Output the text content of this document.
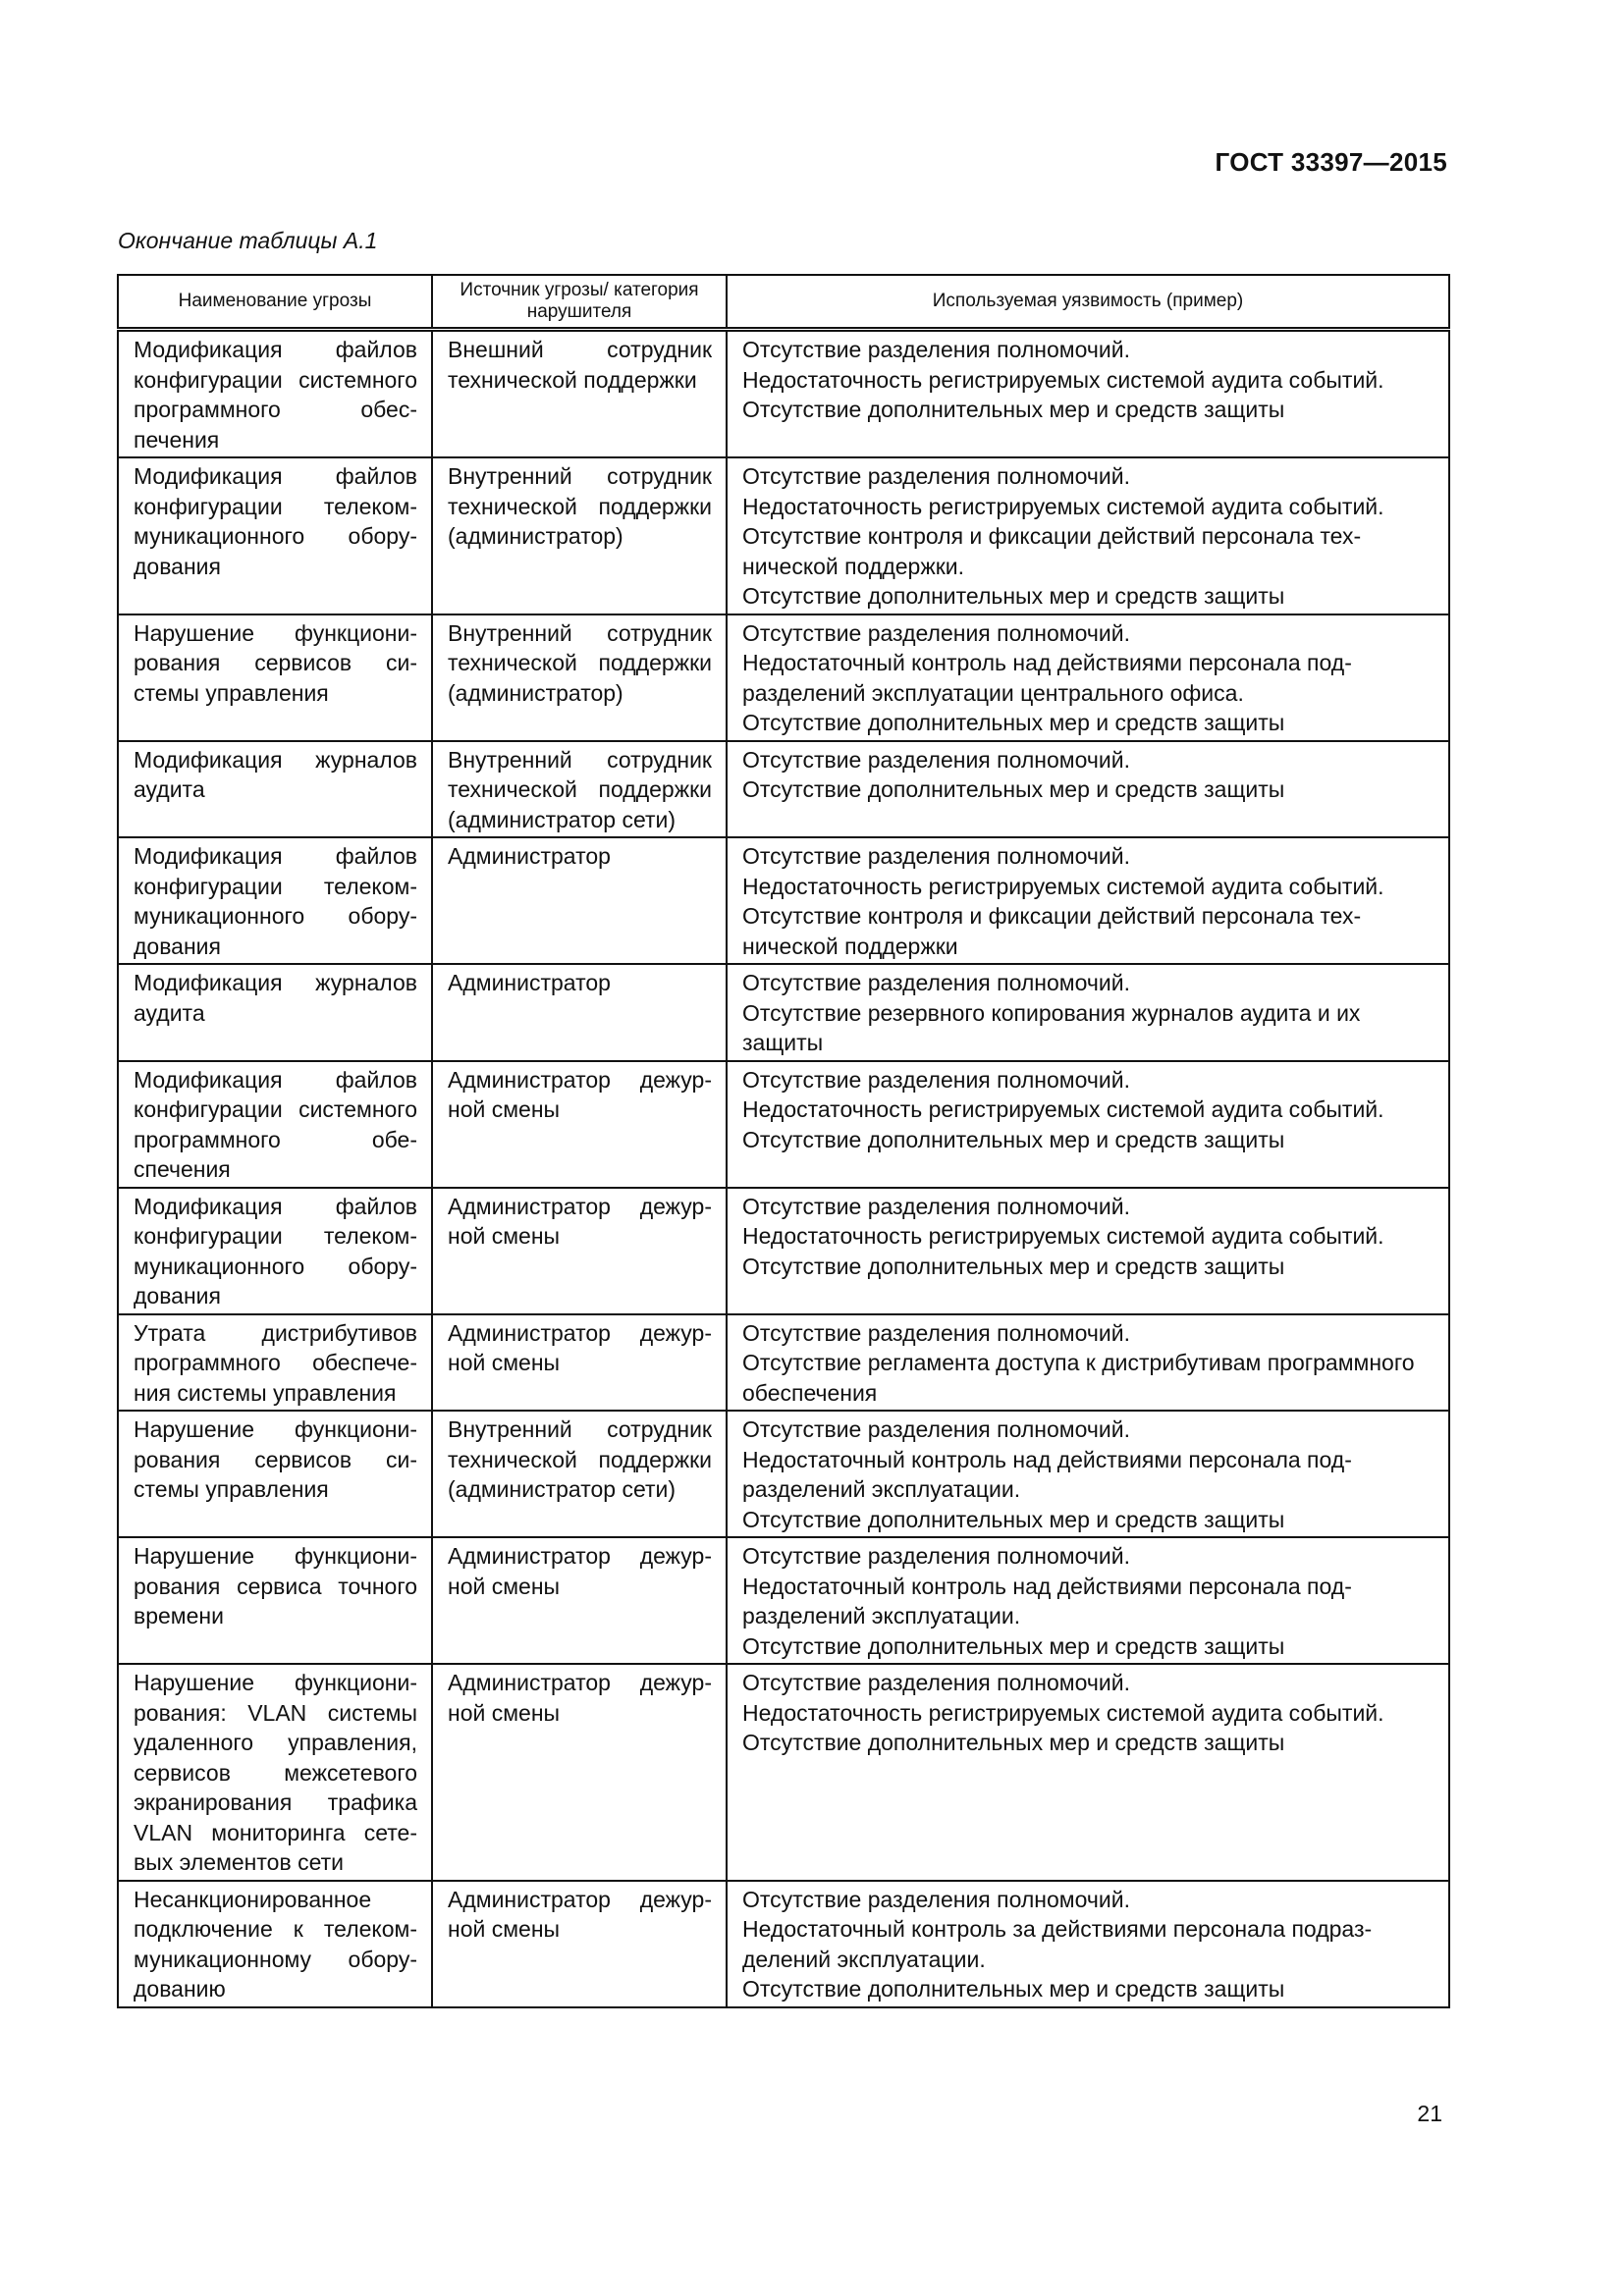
ГОСТ 33397—2015
Окончание таблицы А.1
Наименование угрозы	Источник угрозы/ категория нарушителя	Используемая уязвимость (пример)
Модификация файлов конфигурации системного программного обеспечения	Внешний сотрудник технической поддержки	Отсутствие разделения полномочий.
Недостаточность регистрируемых системой аудита событий.
Отсутствие дополнительных мер и средств защиты

Модификация файлов конфигурации телекоммуникационного оборудования	Внутренний сотрудник технической поддержки (администратор)	Отсутствие разделения полномочий.
Недостаточность регистрируемых системой аудита событий.
Отсутствие контроля и фиксации действий персонала технической поддержки.
Отсутствие дополнительных мер и средств защиты

Нарушение функционирования сервисов системы управления	Внутренний сотрудник технической поддержки (администратор)	Отсутствие разделения полномочий.
Недостаточный контроль над действиями персонала подразделений эксплуатации центрального офиса.
Отсутствие дополнительных мер и средств защиты

Модификация журналов аудита	Внутренний сотрудник технической поддержки (администратор сети)	Отсутствие разделения полномочий.
Отсутствие дополнительных мер и средств защиты

Модификация файлов конфигурации телекоммуникационного оборудования	Администратор	Отсутствие разделения полномочий.
Недостаточность регистрируемых системой аудита событий.
Отсутствие контроля и фиксации действий персонала технической поддержки

Модификация журналов аудита	Администратор	Отсутствие разделения полномочий.
Отсутствие резервного копирования журналов аудита и их защиты

Модификация файлов конфигурации системного программного обеспечения	Администратор дежурной смены	Отсутствие разделения полномочий.
Недостаточность регистрируемых системой аудита событий.
Отсутствие дополнительных мер и средств защиты

Модификация файлов конфигурации телекоммуникационного оборудования	Администратор дежурной смены	Отсутствие разделения полномочий.
Недостаточность регистрируемых системой аудита событий.
Отсутствие дополнительных мер и средств защиты

Утрата дистрибутивов программного обеспечения системы управления	Администратор дежурной смены	Отсутствие разделения полномочий.
Отсутствие регламента доступа к дистрибутивам программного обеспечения

Нарушение функционирования сервисов системы управления	Внутренний сотрудник технической поддержки (администратор сети)	Отсутствие разделения полномочий.
Недостаточный контроль над действиями персонала подразделений эксплуатации.
Отсутствие дополнительных мер и средств защиты

Нарушение функционирования сервиса точного времени	Администратор дежурной смены	Отсутствие разделения полномочий.
Недостаточный контроль над действиями персонала подразделений эксплуатации.
Отсутствие дополнительных мер и средств защиты

Нарушение функционирования: VLAN системы удаленного управления, сервисов межсетевого экранирования трафика VLAN мониторинга сетевых элементов сети	Администратор дежурной смены	Отсутствие разделения полномочий.
Недостаточность регистрируемых системой аудита событий.
Отсутствие дополнительных мер и средств защиты

Несанкционированное подключение к телекоммуникационному оборудованию	Администратор дежурной смены	Отсутствие разделения полномочий.
Недостаточный контроль за действиями персонала подразделений эксплуатации.
Отсутствие дополнительных мер и средств защиты
21
